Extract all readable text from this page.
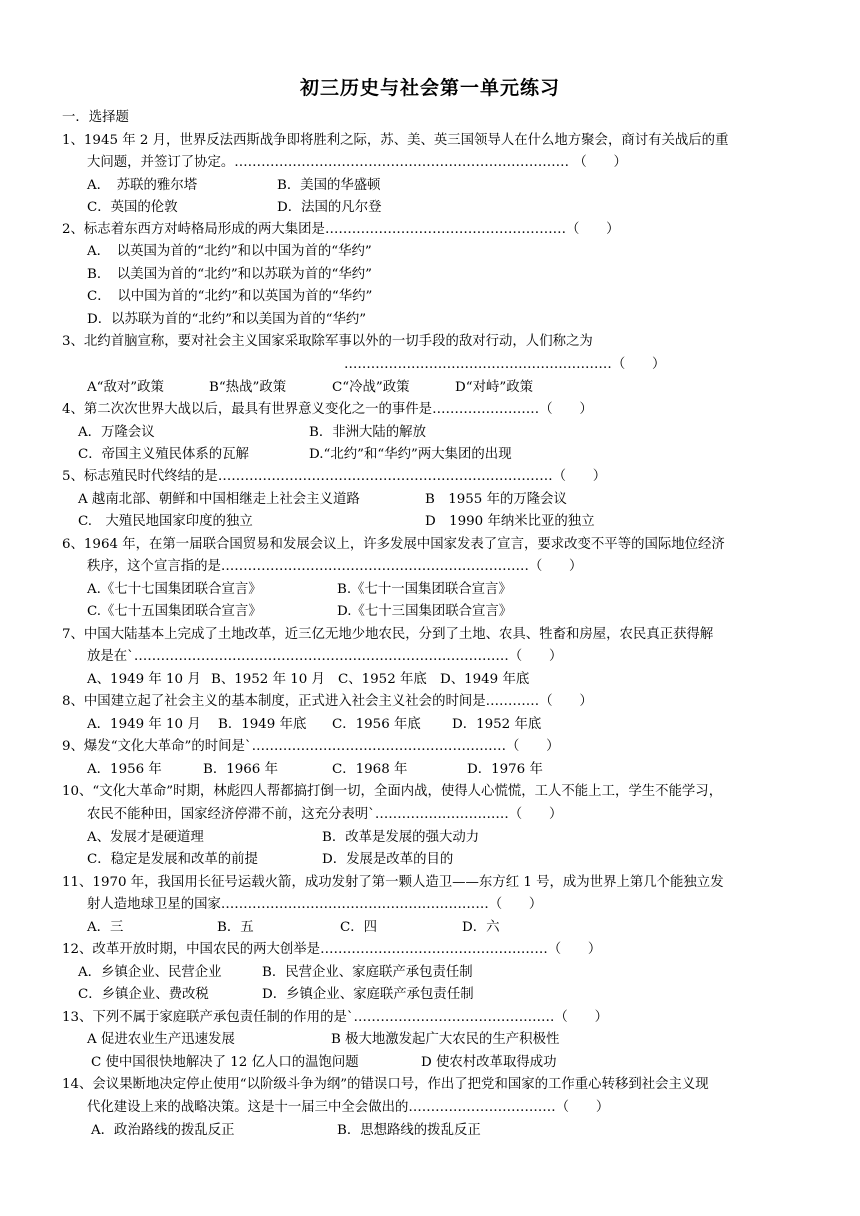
初三历史与社会第一单元练习
一．选择题
1、1945 年 2 月，世界反法西斯战争即将胜利之际，苏、美、英三国领导人在什么地方聚会，商讨有关战后的重
大问题，并签订了协定。………………………………………………………………… （　　）
A．　苏联的雅尔塔	B．美国的华盛顿
C．英国的伦敦	D．法国的凡尔登
2、标志着东西方对峙格局形成的两大集团是………………………………………………（　　）
A．　以英国为首的“北约”和以中国为首的“华约”
B．　以美国为首的“北约”和以苏联为首的“华约”
C．　以中国为首的“北约”和以英国为首的“华约”
D．以苏联为首的“北约”和以美国为首的“华约”
3、北约首脑宣称，要对社会主义国家采取除军事以外的一切手段的敌对行动，人们称之为
……………………………………………………（　　）
A“敌对”政策	B“热战”政策	C“冷战”政策	D“对峙”政策
4、第二次次世界大战以后，最具有世界意义变化之一的事件是……………………（　　）
A．万隆会议	B．非洲大陆的解放
C．帝国主义殖民体系的瓦解	D.“北约”和“华约”两大集团的出现
5、标志殖民时代终结的是…………………………………………………………………（　　）
A 越南北部、朝鲜和中国相继走上社会主义道路	B　1955 年的万隆会议
C.　大殖民地国家印度的独立	D　1990 年纳米比亚的独立
6、1964 年，在第一届联合国贸易和发展会议上，许多发展中国家发表了宣言，要求改变不平等的国际地位经济
秩序，这个宣言指的是……………………………………………………………（　　）
A.《七十七国集团联合宣言》	B.《七十一国集团联合宣言》
C.《七十五国集团联合宣言》	D.《七十三国集团联合宣言》
7、中国大陆基本上完成了土地改革，近三亿无地少地农民，分到了土地、农具、牲畜和房屋，农民真正获得解
放是在`…………………………………………………………………………（　　）
A、1949 年 10 月 B、1952 年 10 月 C、1952 年底 D、1949 年底
8、中国建立起了社会主义的基本制度，正式进入社会主义社会的时间是…………（　　）
A．1949 年 10 月 B．1949 年底 C．1956 年底 D．1952 年底
9、爆发“文化大革命”的时间是`…………………………………………………（　　）
A．1956 年	B．1966 年	C．1968 年	D．1976 年
10、“文化大革命”时期，林彪四人帮都搞打倒一切，全面内战，使得人心慌慌，工人不能上工，学生不能学习，
农民不能种田，国家经济停滞不前，这充分表明`…………………………（　　）
A、发展才是硬道理	B．改革是发展的强大动力
C．稳定是发展和改革的前提	D．发展是改革的目的
11、1970 年，我国用长征号运载火箭，成功发射了第一颗人造卫——东方红 1 号，成为世界上第几个能独立发
射人造地球卫星的国家……………………………………………………（　　）
A．三	B．五	C．四	D．六
12、改革开放时期，中国农民的两大创举是……………………………………………（　　）
A．乡镇企业、民营企业	B．民营企业、家庭联产承包责任制
C．乡镇企业、费改税	D．乡镇企业、家庭联产承包责任制
13、下列不属于家庭联产承包责任制的作用的是`………………………………………（　　）
A 促进农业生产迅速发展	B 极大地激发起广大农民的生产积极性
C 使中国很快地解决了 12 亿人口的温饱问题	D 使农村改革取得成功
14、会议果断地决定停止使用“以阶级斗争为纲”的错误口号，作出了把党和国家的工作重心转移到社会主义现
代化建设上来的战略决策。这是十一届三中全会做出的……………………………（　　）
A．政治路线的拨乱反正	B．思想路线的拨乱反正
